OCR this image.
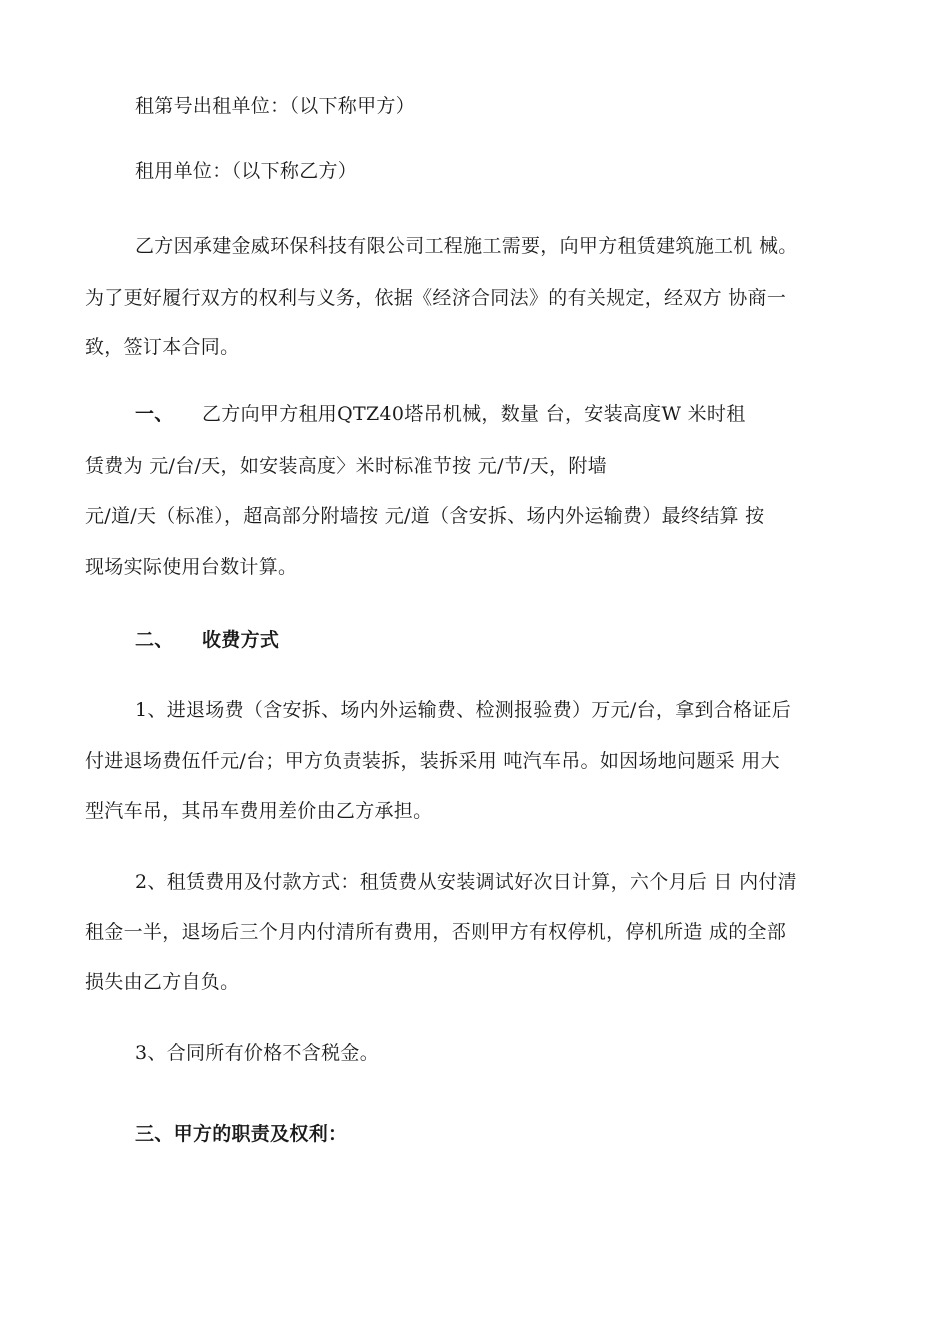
租第号出租单位：（以下称甲方）

租用单位：（以下称乙方）

乙方因承建金威环保科技有限公司工程施工需要，向甲方租赁建筑施工机 械。

为了更好履行双方的权利与义务，依据《经济合同法》的有关规定，经双方 协商一

致，签订本合同。

一、 乙方向甲方租用QTZ40塔吊机械，数量 台，安装高度W 米时租

赁费为 元/台/天，如安装高度〉米时标准节按 元/节/天，附墙

元/道/天（标准），超高部分附墙按 元/道（含安拆、场内外运输费）最终结算 按

现场实际使用台数计算。

二、 收费方式

1、进退场费（含安拆、场内外运输费、检测报验费）万元/台，拿到合格证后

付进退场费伍仟元/台；甲方负责装拆，装拆采用 吨汽车吊。如因场地问题采 用大

型汽车吊，其吊车费用差价由乙方承担。

2、租赁费用及付款方式：租赁费从安装调试好次日计算，六个月后 日 内付清

租金一半，退场后三个月内付清所有费用，否则甲方有权停机，停机所造 成的全部

损失由乙方自负。

3、合同所有价格不含税金。

三、甲方的职责及权利：
